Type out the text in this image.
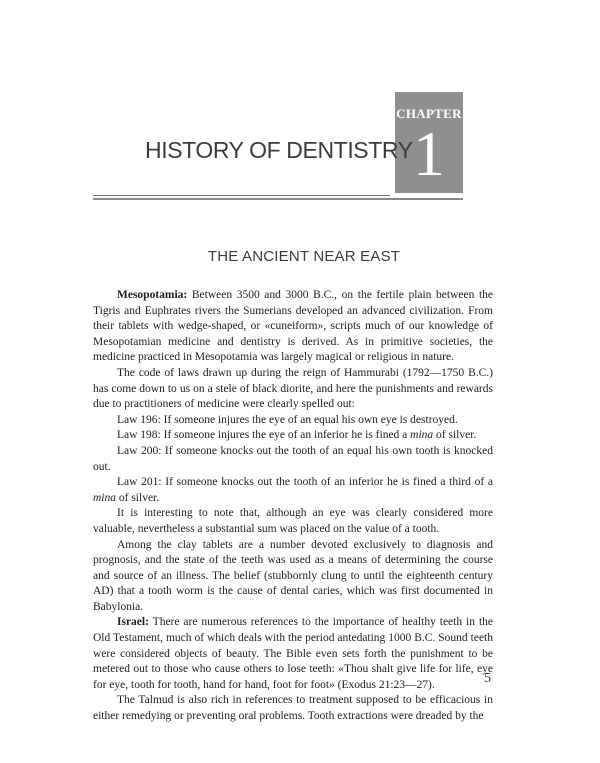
CHAPTER
1
HISTORY OF DENTISTRY
THE ANCIENT NEAR EAST

Mesopotamia: Between 3500 and 3000 B.C., on the fertile plain between the Tigris and Euphrates rivers the Sumerians developed an advanced civilization. From their tablets with wedge-shaped, or «cuneiform», scripts much of our knowledge of Mesopotamian medicine and dentistry is derived. As in primitive societies, the medicine practiced in Mesopotamia was largely magical or religious in nature.

The code of laws drawn up during the reign of Hammurabi (1792—1750 B.C.) has come down to us on a stele of black diorite, and here the punishments and rewards due to practitioners of medicine were clearly spelled out:

Law 196: If someone injures the eye of an equal his own eye is destroyed.

Law 198: If someone injures the eye of an inferior he is fined a mina of silver.

Law 200: If someone knocks out the tooth of an equal his own tooth is knocked out.

Law 201: If someone knocks out the tooth of an inferior he is fined a third of a mina of silver.

It is interesting to note that, although an eye was clearly considered more valuable, nevertheless a substantial sum was placed on the value of a tooth.

Among the clay tablets are a number devoted exclusively to diagnosis and prognosis, and the state of the teeth was used as a means of determining the course and source of an illness. The belief (stubbornly clung to until the eighteenth century AD) that a tooth worm is the cause of dental caries, which was first documented in Babylonia.

Israel: There are numerous references to the importance of healthy teeth in the Old Testament, much of which deals with the period antedating 1000 B.C. Sound teeth were considered objects of beauty. The Bible even sets forth the punishment to be metered out to those who cause others to lose teeth: «Thou shalt give life for life, eye for eye, tooth for tooth, hand for hand, foot for foot» (Exodus 21:23—27).

The Talmud is also rich in references to treatment supposed to be efficacious in either remedying or preventing oral problems. Tooth extractions were dreaded by the

5
